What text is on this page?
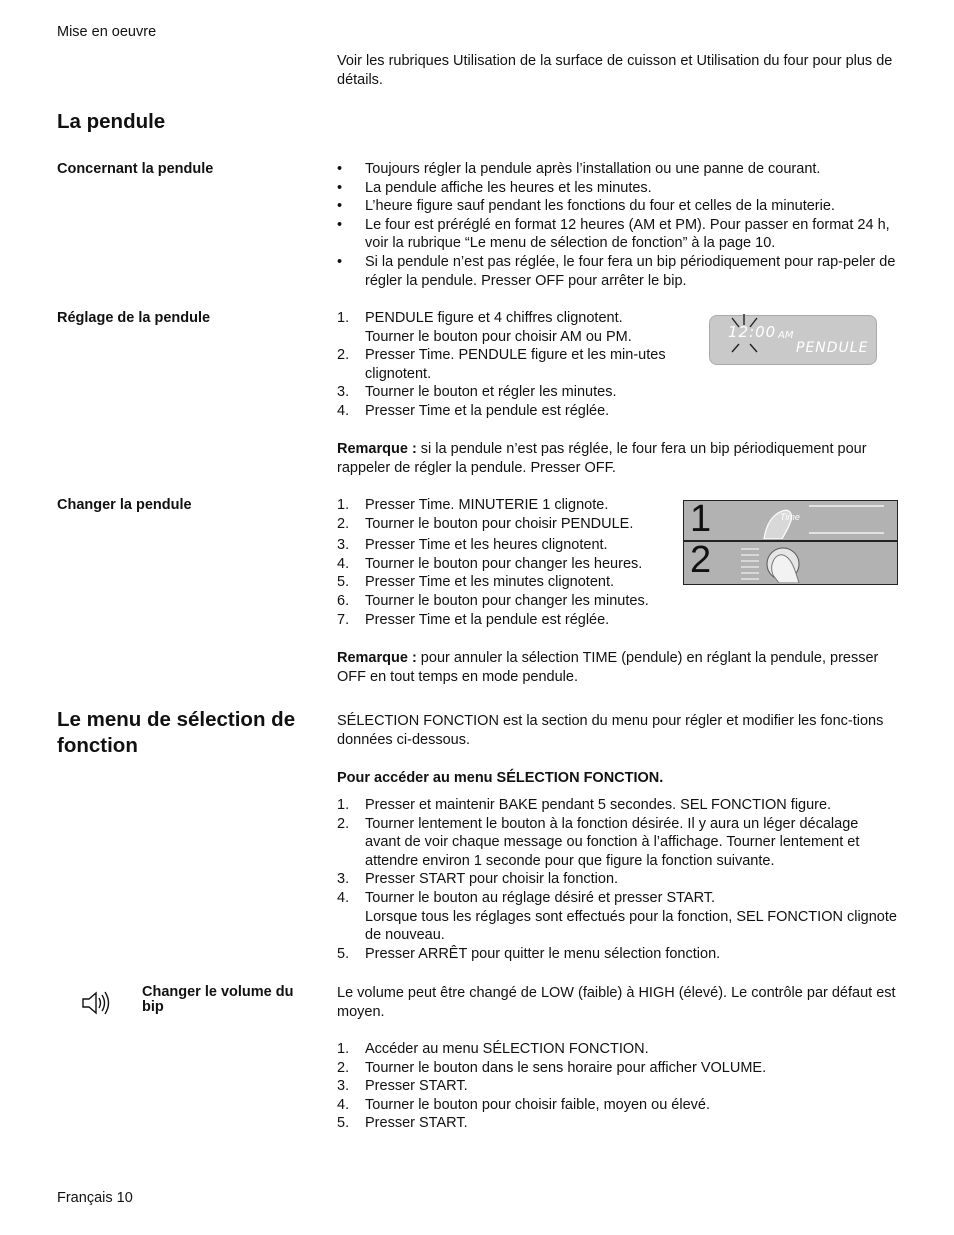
Mise en oeuvre
Voir les rubriques Utilisation de la surface de cuisson et Utilisation du four pour plus de détails.
La pendule
Concernant la pendule
•	Toujours régler la pendule après l’installation ou une panne de courant.
• La pendule affiche les heures et les minutes.
• L’heure figure sauf pendant les fonctions du four et celles de la minuterie.
• Le four est préréglé en format 12 heures (AM et PM). Pour passer en format 24 h, voir la rubrique “Le menu de sélection de fonction” à la page 10.
• Si la pendule n’est pas réglée, le four fera un bip périodiquement pour rap-peler de régler la pendule. Presser OFF pour arrêter le bip.
Réglage de la pendule	1. PENDULE figure et 4 chiffres clignotent.
Tourner le bouton pour choisir AM ou PM.
2. Presser Time. PENDULE figure et les min-utes clignotent.
3. Tourner le bouton et régler les minutes.
4. Presser Time et la pendule est réglée.
12:00 AM
PENDULE
Remarque : si la pendule n’est pas réglée, le four fera un bip périodiquement pour rappeler de régler la pendule. Presser OFF.
Changer la pendule	1. Presser Time. MINUTERIE 1 clignote.
2. Tourner le bouton pour choisir PENDULE.
3. Presser Time et les heures clignotent.
4. Tourner le bouton pour changer les heures.
5. Presser Time et les minutes clignotent.
6. Tourner le bouton pour changer les minutes.
7. Presser Time et la pendule est réglée.
1	Time
2
Remarque : pour annuler la sélection TIME (pendule) en réglant la pendule, presser OFF en tout temps en mode pendule.
Le menu de sélection de fonction
SÉLECTION FONCTION est la section du menu pour régler et modifier les fonc-tions données ci-dessous.
Pour accéder au menu SÉLECTION FONCTION.
1. Presser et maintenir BAKE pendant 5 secondes. SEL FONCTION figure.
2. Tourner lentement le bouton à la fonction désirée. Il y aura un léger décalage avant de voir chaque message ou fonction à l’affichage. Tourner lentement et attendre environ 1 seconde pour que figure la fonction suivante.
3. Presser START pour choisir la fonction.
4. Tourner le bouton au réglage désiré et presser START.
Lorsque tous les réglages sont effectués pour la fonction, SEL FONCTION clignote de nouveau.
5. Presser ARRÊT pour quitter le menu sélection fonction.
Changer le volume du bip
Le volume peut être changé de LOW (faible) à HIGH (élevé). Le contrôle par défaut est moyen.
1. Accéder au menu SÉLECTION FONCTION.
2. Tourner le bouton dans le sens horaire pour afficher VOLUME.
3. Presser START.
4. Tourner le bouton pour choisir faible, moyen ou élevé.
5. Presser START.
Français 10
